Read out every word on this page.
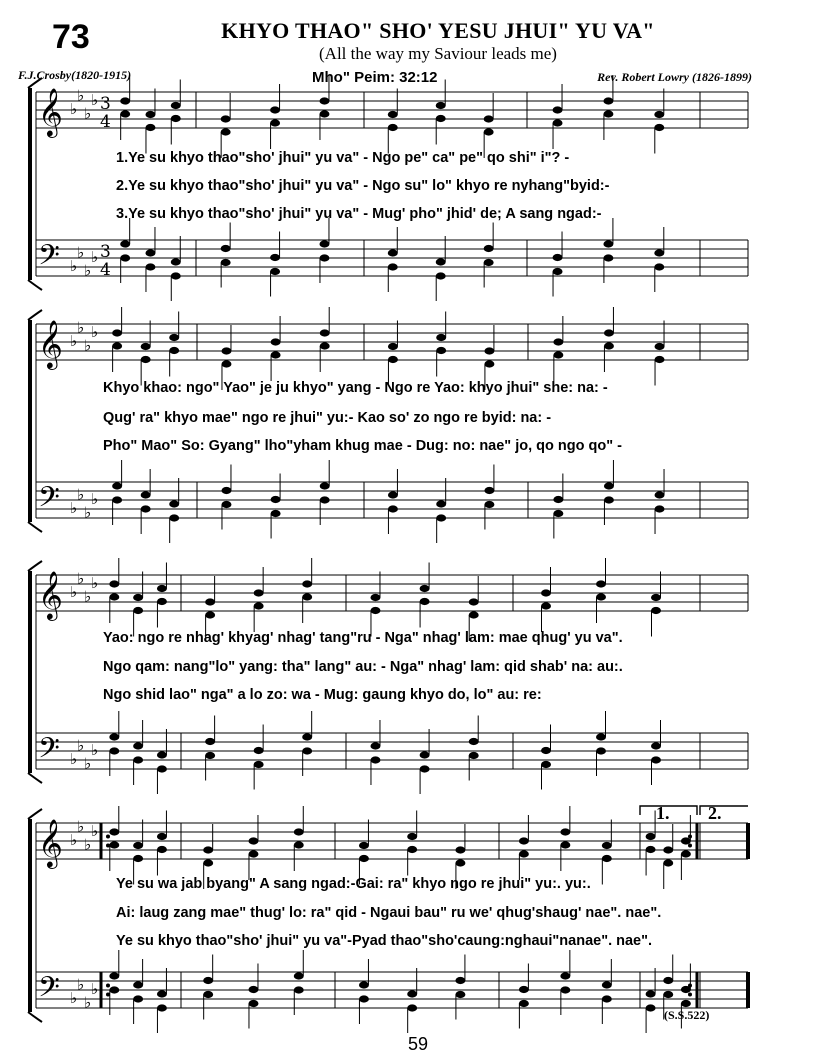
73	KHYO THAO" SHO' YESU JHUI" YU VA"
(All the way my Saviour leads me)
F.J.Crosby(1820-1915)	Mho" Peim: 32:12	Rev. Robert Lowry (1826-1899)
𝄞
𝄢
♭
♭
♭
♭
♭
♭
♭
♭
3
4
3
4
𝄞
𝄢
♭
♭
♭
♭
♭
♭
♭
♭
𝄞
𝄢
♭
♭
♭
♭
♭
♭
♭
♭
𝄞
𝄢
♭
♭
♭
♭
♭
♭
♭
♭
1.Ye su khyo thao"sho' jhui" yu va" - Ngo pe" ca" pe" qo shi" i"? -
2.Ye su khyo thao"sho' jhui" yu va" - Ngo su" lo" khyo re nyhang"byid:-
3.Ye su khyo thao"sho' jhui" yu va" - Mug' pho" jhid' de; A sang ngad:-
Khyo khao: ngo" Yao" je ju khyo" yang - Ngo re Yao: khyo jhui" she: na: -
Qug' ra" khyo mae" ngo re jhui" yu:- Kao so' zo ngo re byid: na: -
Pho" Mao" So: Gyang" lho"yham khug mae - Dug: no: nae" jo, qo ngo qo" -
Yao: ngo re nhag' khyag' nhag' tang"ru - Nga" nhag' lam: mae qhug' yu va".
Ngo qam: nang"lo" yang: tha" lang" au: - Nga" nhag' lam: qid shab' na: au:.
Ngo shid lao" nga" a lo zo: wa - Mug: gaung khyo do, lo" au: re:
Ye su wa jab byang" A sang ngad:-Gai: ra" khyo ngo re jhui" yu:. yu:.
Ai: laug zang mae" thug' lo: ra" qid - Ngaui bau" ru we' qhug'shaug' nae". nae".
Ye su khyo thao"sho' jhui" yu va"-Pyad thao"sho'caung:nghaui"nanae". nae".
1. 2.
(S.S.522)
59
